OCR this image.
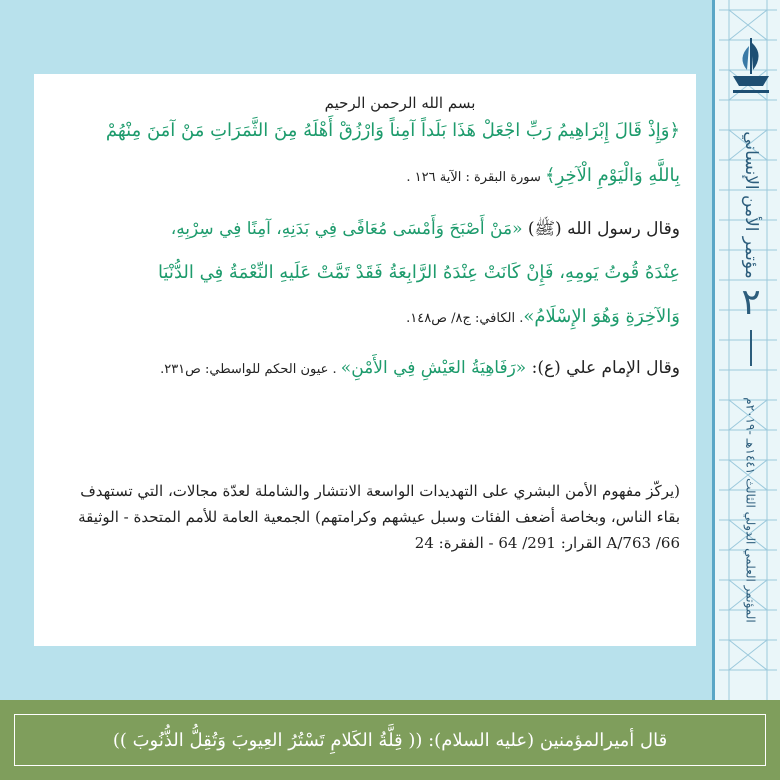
مؤتمر الأمن الإنساني
٢
المؤتمر العلمي الدولي الثالث ١٤٤١هـ -٢٠١٩م
بسم الله الرحمن الرحيم
﴿وَإِذْ قَالَ إِبْرَاهِيمُ رَبِّ اجْعَلْ هَذَا بَلَداً آمِناً وَارْزُقْ أَهْلَهُ مِنَ الثَّمَرَاتِ مَنْ آمَنَ مِنْهُمْ
بِاللَّهِ وَالْيَوْمِ الْآخِرِ﴾ سورة البقرة : الآية ١٢٦ .
وقال رسول الله (ﷺ) «مَنْ أَصْبَحَ وَأَمْسَى مُعَافًى فِي بَدَنِهِ، آمِنًا فِي سِرْبِهِ،
عِنْدَهُ قُوتُ يَومِهِ، فَإِنْ كَانَتْ عِنْدَهُ الرَّابِعَةُ فَقَدْ تَمَّتْ عَلَيهِ النِّعْمَةُ فِي الدُّنْيَا
وَالآخِرَةِ وَهُوَ الإِسْلَامُ». الكافي: ج٨/ ص١٤٨.
وقال الإمام علي (ع): «رَفَاهِيَةُ العَيْشِ فِي الأَمْنِ» . عيون الحكم للواسطي: ص٢٣١.
(يركّز مفهوم الأمن البشري على التهديدات الواسعة الانتشار والشاملة لعدّة مجالات، التي تستهدف بقاء الناس، وبخاصة أضعف الفئات وسبل عيشهم وكرامتهم) الجمعية العامة للأمم المتحدة - الوثيقة 66/ A/763 القرار: 291/ 64 - الفقرة: 24
قال أميرالمؤمنين (عليه السلام): (( قِلَّةُ الكَلامِ تَسْتُرُ العِيوبَ وَتُقِلُّ الذُّنُوبَ ))
